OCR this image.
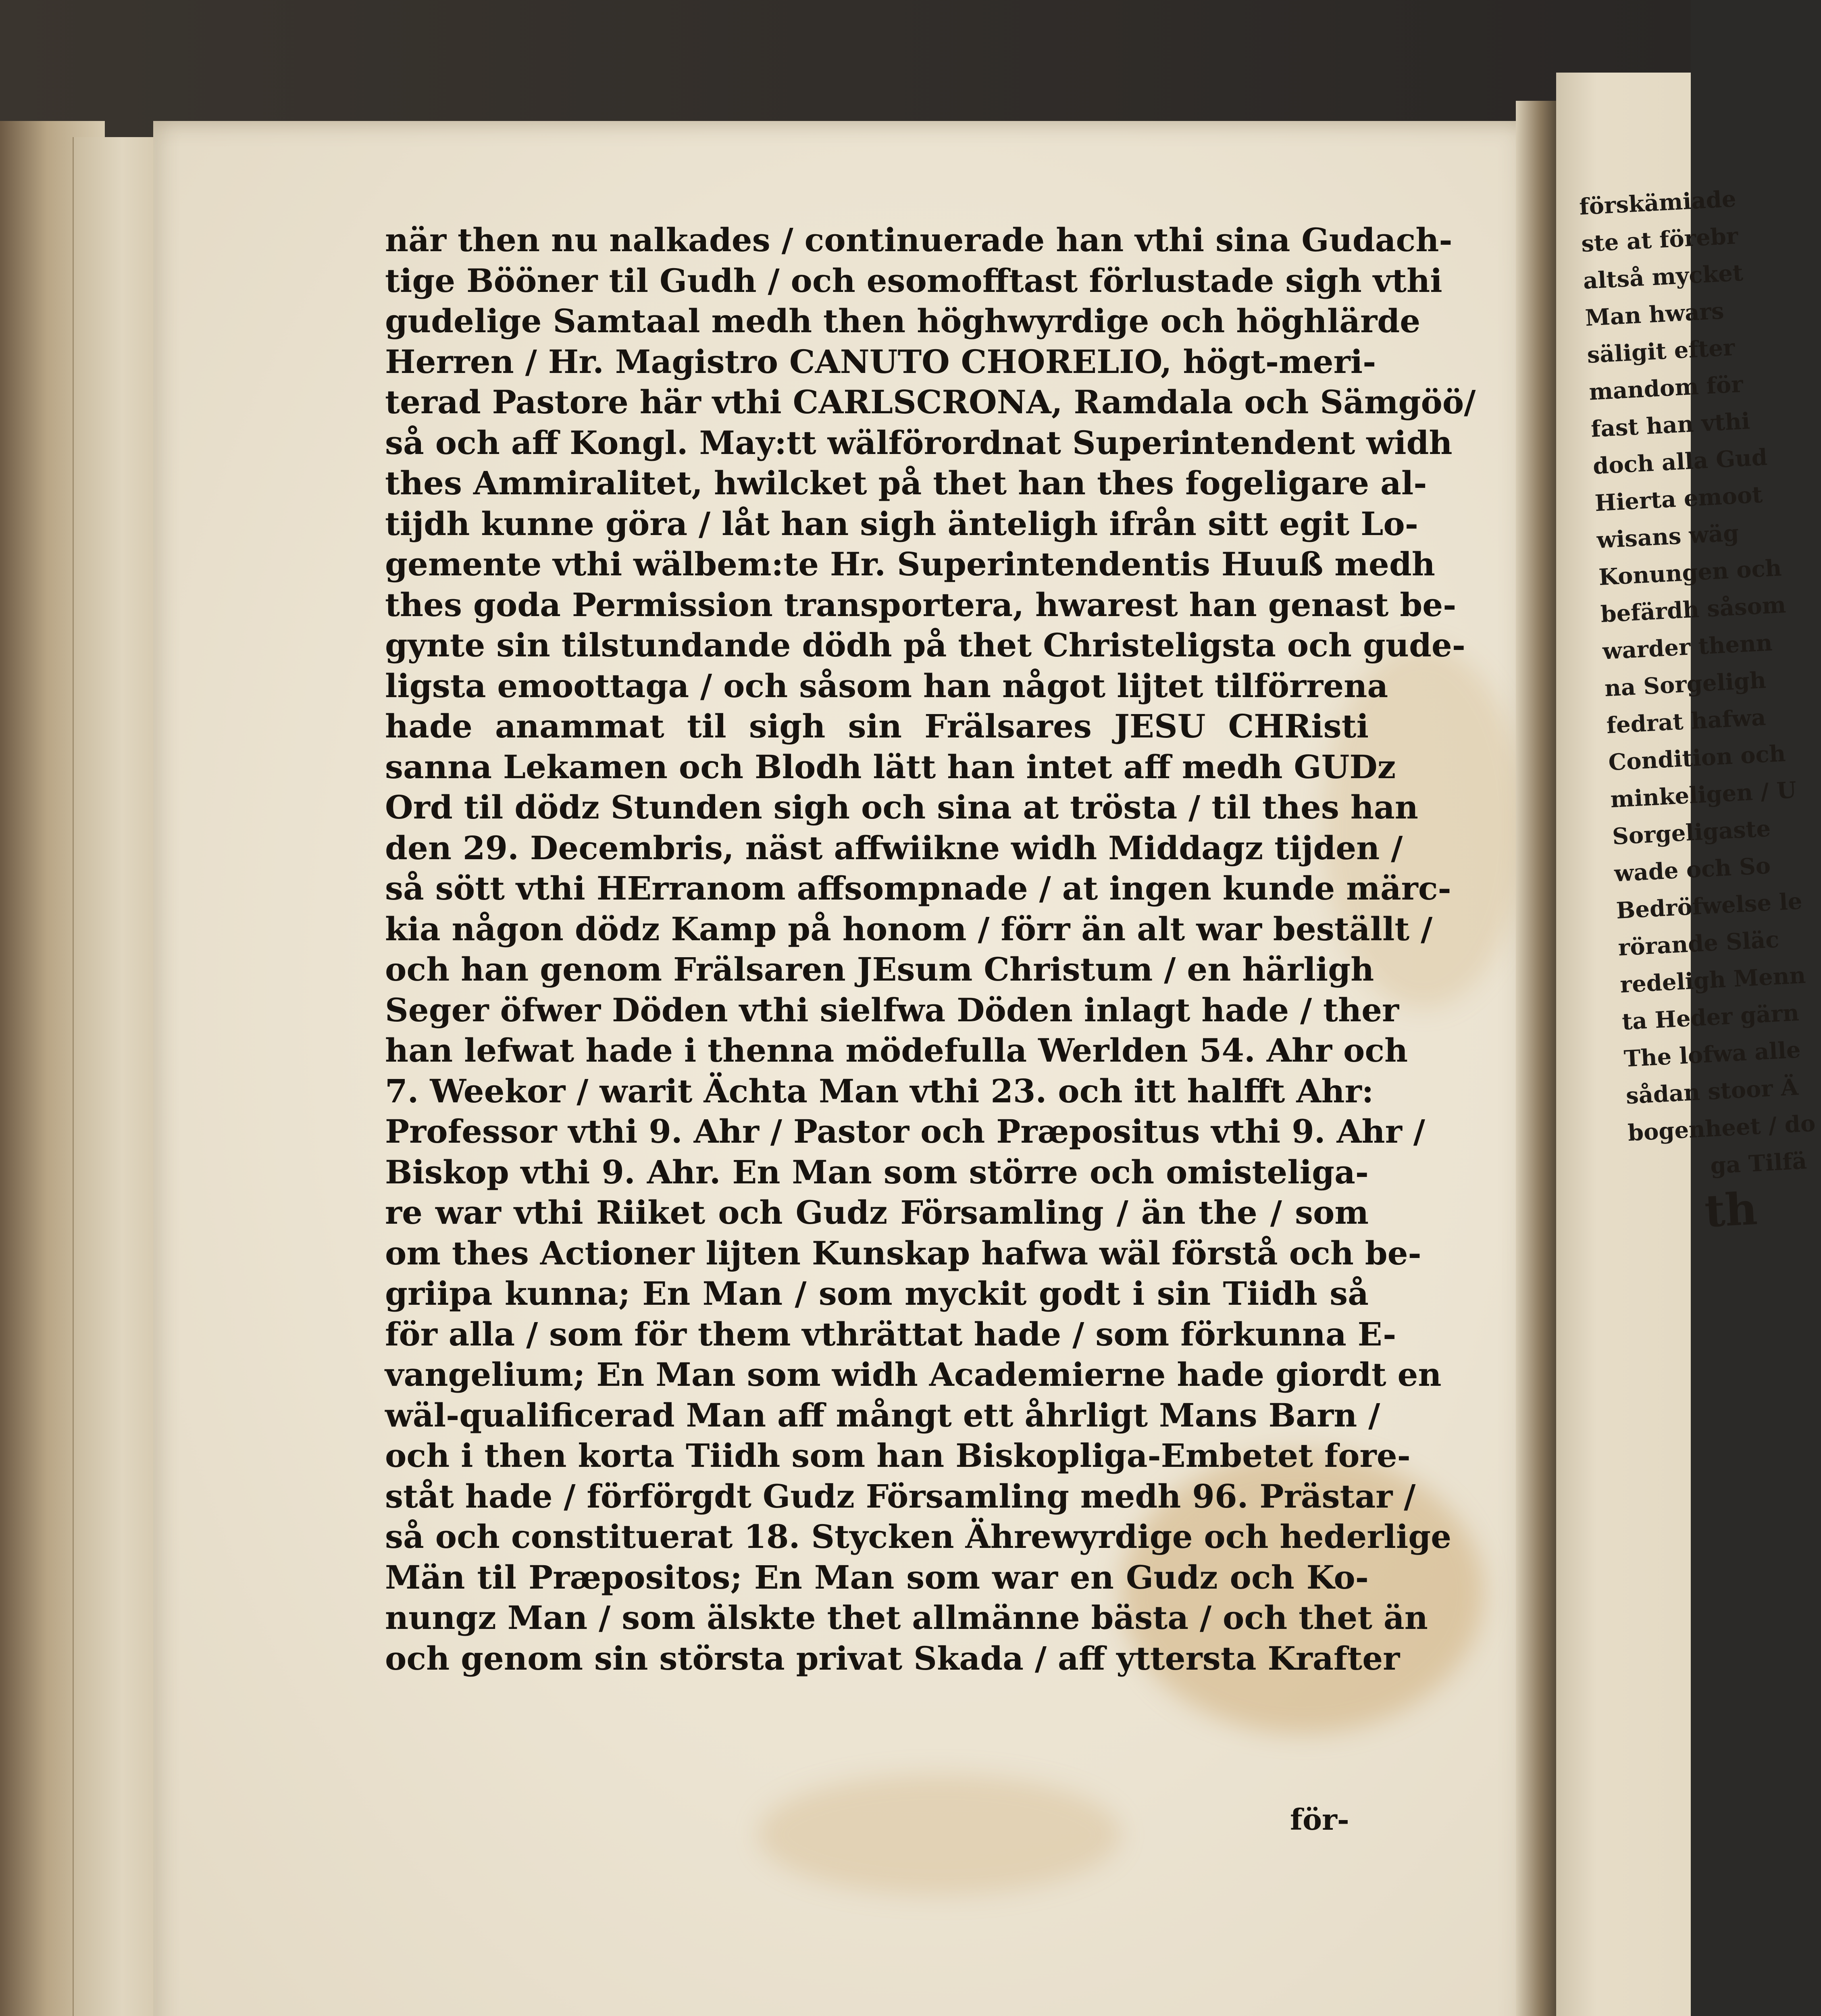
förskämiade
ste at förebr
altså mycket
Man hwars
säligit efter
mandom för
fast han vthi
doch alla Gud
Hierta emoot
wisans wäg
Konungen och
befärdh såsom
warder thenn
na Sorgeligh
fedrat hafwa
Condition och
minkeligen / U
Sorgeligaste
wade och So
Bedröfwelse le
rörande Släc
redeligh Menn
ta Heder gärn
The lofwa alle
sådan stoor Ä
bogenheet / do
ga Tilfä
th
när then nu nalkades / continuerade han vthi sina Gudach-
tige Bööner til Gudh / och esomofftast förlustade sigh vthi
gudelige Samtaal medh then höghwyrdige och höghlärde
Herren / Hr. Magistro CANUTO CHORELIO, högt-meri-
terad Pastore här vthi CARLSCRONA, Ramdala och Sämgöö/
så och aff Kongl. May:tt wälförordnat Superintendent widh
thes Ammiralitet, hwilcket på thet han thes fogeligare al-
tijdh kunne göra / låt han sigh änteligh ifrån sitt egit Lo-
gemente vthi wälbem:te Hr. Superintendentis Huuß medh
thes goda Permission transportera, hwarest han genast be-
gynte sin tilstundande dödh på thet Christeligsta och gude-
ligsta emoottaga / och såsom han något lijtet tilförrena
hade anammat til sigh sin Frälsares JESU CHRisti
sanna Lekamen och Blodh lätt han intet aff medh GUDz
Ord til dödz Stunden sigh och sina at trösta / til thes han
den 29. Decembris, näst affwiikne widh Middagz tijden /
så sött vthi HErranom affsompnade / at ingen kunde märc-
kia någon dödz Kamp på honom / förr än alt war beställt /
och han genom Frälsaren JEsum Christum / en härligh
Seger öfwer Döden vthi sielfwa Döden inlagt hade / ther
han lefwat hade i thenna mödefulla Werlden 54. Ahr och
7. Weekor / warit Ächta Man vthi 23. och itt halfft Ahr:
Professor vthi 9. Ahr / Pastor och Præpositus vthi 9. Ahr /
Biskop vthi 9. Ahr. En Man som större och omisteliga-
re war vthi Riiket och Gudz Församling / än the / som
om thes Actioner lijten Kunskap hafwa wäl förstå och be-
griipa kunna; En Man / som myckit godt i sin Tiidh så
för alla / som för them vthrättat hade / som förkunna E-
vangelium; En Man som widh Academierne hade giordt en
wäl-qualificerad Man aff mångt ett åhrligt Mans Barn /
och i then korta Tiidh som han Biskopliga-Embetet fore-
ståt hade / förförgdt Gudz Församling medh 96. Prästar /
så och constituerat 18. Stycken Ährewyrdige och hederlige
Män til Præpositos; En Man som war en Gudz och Ko-
nungz Man / som älskte thet allmänne bästa / och thet än
och genom sin största privat Skada / aff yttersta Krafter
för-
